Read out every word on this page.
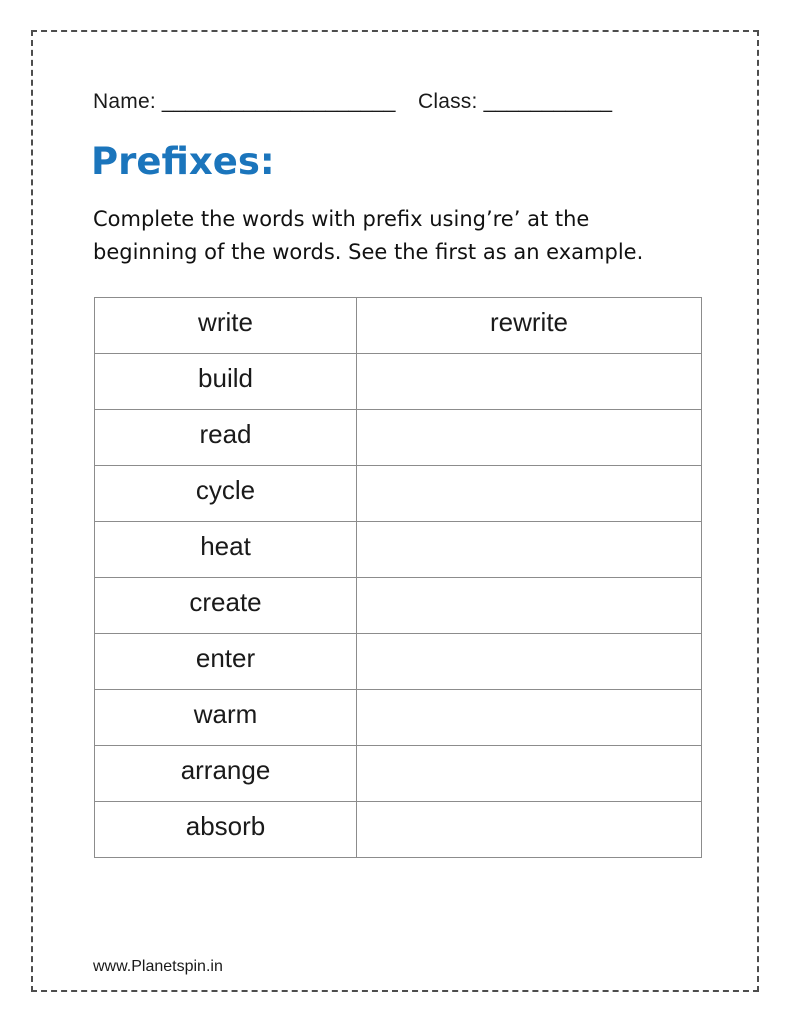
Name: ____________________ Class: ___________
Prefixes:
Complete the words with prefix using’re’ at the
beginning of the words. See the first as an example.
write	rewrite
build	
read	
cycle	
heat	
create	
enter	
warm	
arrange	
absorb	
www.Planetspin.in
